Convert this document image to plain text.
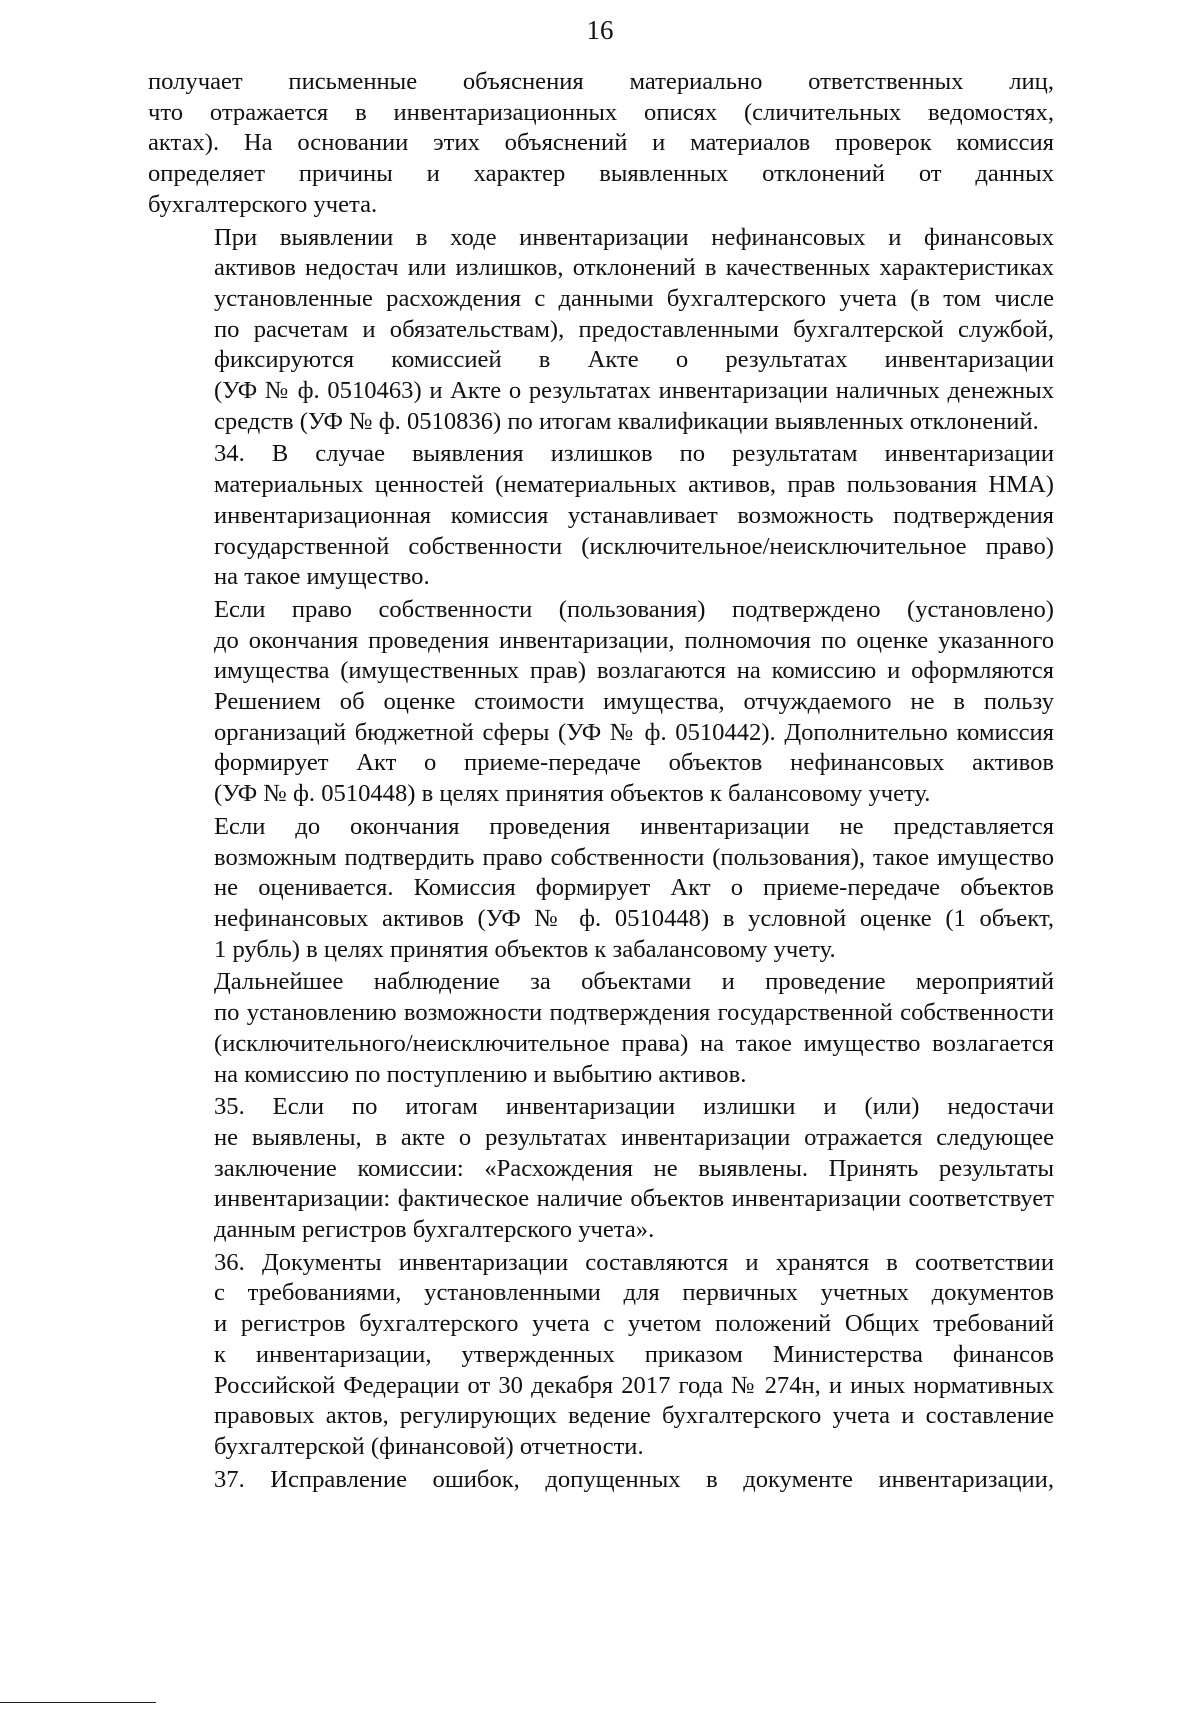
16
получает письменные объяснения материально ответственных лиц,
что отражается в инвентаризационных описях (сличительных ведомостях,
актах). На основании этих объяснений и материалов проверок комиссия
определяет причины и характер выявленных отклонений от данных
бухгалтерского учета.
При выявлении в ходе инвентаризации нефинансовых и финансовых
активов недостач или излишков, отклонений в качественных характеристиках
установленные расхождения с данными бухгалтерского учета (в том числе
по расчетам и обязательствам), предоставленными бухгалтерской службой,
фиксируются комиссией в Акте о результатах инвентаризации
(УФ № ф. 0510463) и Акте о результатах инвентаризации наличных денежных
средств (УФ № ф. 0510836) по итогам квалификации выявленных отклонений.
34. В случае выявления излишков по результатам инвентаризации
материальных ценностей (нематериальных активов, прав пользования НМА)
инвентаризационная комиссия устанавливает возможность подтверждения
государственной собственности (исключительное/неисключительное право)
на такое имущество.
Если право собственности (пользования) подтверждено (установлено)
до окончания проведения инвентаризации, полномочия по оценке указанного
имущества (имущественных прав) возлагаются на комиссию и оформляются
Решением об оценке стоимости имущества, отчуждаемого не в пользу
организаций бюджетной сферы (УФ № ф. 0510442). Дополнительно комиссия
формирует Акт о приеме-передаче объектов нефинансовых активов
(УФ № ф. 0510448) в целях принятия объектов к балансовому учету.
Если до окончания проведения инвентаризации не представляется
возможным подтвердить право собственности (пользования), такое имущество
не оценивается. Комиссия формирует Акт о приеме-передаче объектов
нефинансовых активов (УФ № ф. 0510448) в условной оценке (1 объект,
1 рубль) в целях принятия объектов к забалансовому учету.
Дальнейшее наблюдение за объектами и проведение мероприятий
по установлению возможности подтверждения государственной собственности
(исключительного/неисключительное права) на такое имущество возлагается
на комиссию по поступлению и выбытию активов.
35. Если по итогам инвентаризации излишки и (или) недостачи
не выявлены, в акте о результатах инвентаризации отражается следующее
заключение комиссии: «Расхождения не выявлены. Принять результаты
инвентаризации: фактическое наличие объектов инвентаризации соответствует
данным регистров бухгалтерского учета».
36. Документы инвентаризации составляются и хранятся в соответствии
с требованиями, установленными для первичных учетных документов
и регистров бухгалтерского учета с учетом положений Общих требований
к инвентаризации, утвержденных приказом Министерства финансов
Российской Федерации от 30 декабря 2017 года № 274н, и иных нормативных
правовых актов, регулирующих ведение бухгалтерского учета и составление
бухгалтерской (финансовой) отчетности.
37. Исправление ошибок, допущенных в документе инвентаризации,
